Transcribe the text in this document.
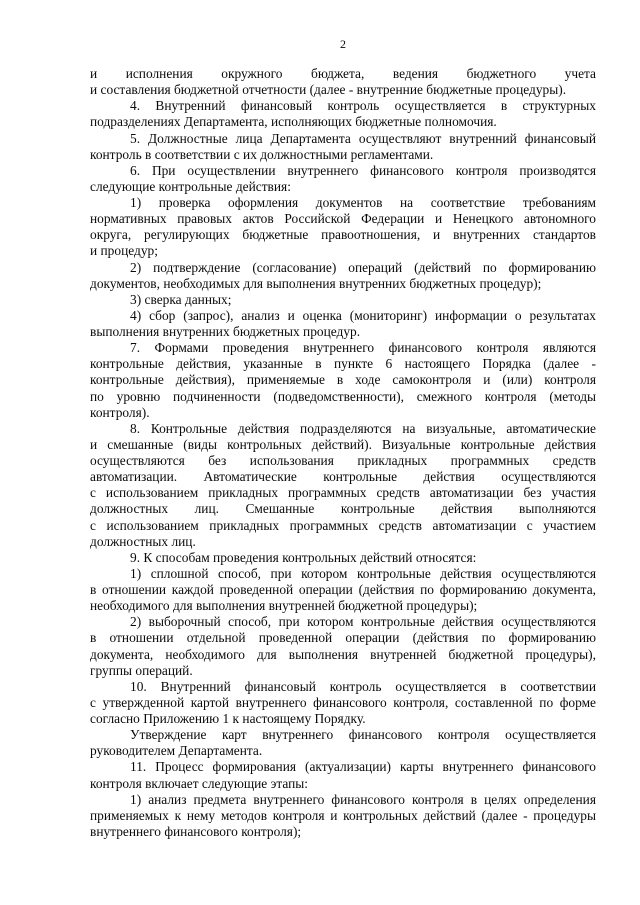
2
и исполнения окружного бюджета, ведения бюджетного учета
и составления бюджетной отчетности (далее - внутренние бюджетные процедуры).
4. Внутренний финансовый контроль осуществляется в структурных
подразделениях Департамента, исполняющих бюджетные полномочия.
5. Должностные лица Департамента осуществляют внутренний финансовый
контроль в соответствии с их должностными регламентами.
6. При осуществлении внутреннего финансового контроля производятся
следующие контрольные действия:
1) проверка оформления документов на соответствие требованиям
нормативных правовых актов Российской Федерации и Ненецкого автономного
округа, регулирующих бюджетные правоотношения, и внутренних стандартов
и процедур;
2) подтверждение (согласование) операций (действий по формированию
документов, необходимых для выполнения внутренних бюджетных процедур);
3) сверка данных;
4) сбор (запрос), анализ и оценка (мониторинг) информации о результатах
выполнения внутренних бюджетных процедур.
7. Формами проведения внутреннего финансового контроля являются
контрольные действия, указанные в пункте 6 настоящего Порядка (далее -
контрольные действия), применяемые в ходе самоконтроля и (или) контроля
по уровню подчиненности (подведомственности), смежного контроля (методы
контроля).
8. Контрольные действия подразделяются на визуальные, автоматические
и смешанные (виды контрольных действий). Визуальные контрольные действия
осуществляются без использования прикладных программных средств
автоматизации. Автоматические контрольные действия осуществляются
с использованием прикладных программных средств автоматизации без участия
должностных лиц. Смешанные контрольные действия выполняются
с использованием прикладных программных средств автоматизации с участием
должностных лиц.
9. К способам проведения контрольных действий относятся:
1) сплошной способ, при котором контрольные действия осуществляются
в отношении каждой проведенной операции (действия по формированию документа,
необходимого для выполнения внутренней бюджетной процедуры);
2) выборочный способ, при котором контрольные действия осуществляются
в отношении отдельной проведенной операции (действия по формированию
документа, необходимого для выполнения внутренней бюджетной процедуры),
группы операций.
10. Внутренний финансовый контроль осуществляется в соответствии
с утвержденной картой внутреннего финансового контроля, составленной по форме
согласно Приложению 1 к настоящему Порядку.
Утверждение карт внутреннего финансового контроля осуществляется
руководителем Департамента.
11. Процесс формирования (актуализации) карты внутреннего финансового
контроля включает следующие этапы:
1) анализ предмета внутреннего финансового контроля в целях определения
применяемых к нему методов контроля и контрольных действий (далее - процедуры
внутреннего финансового контроля);
